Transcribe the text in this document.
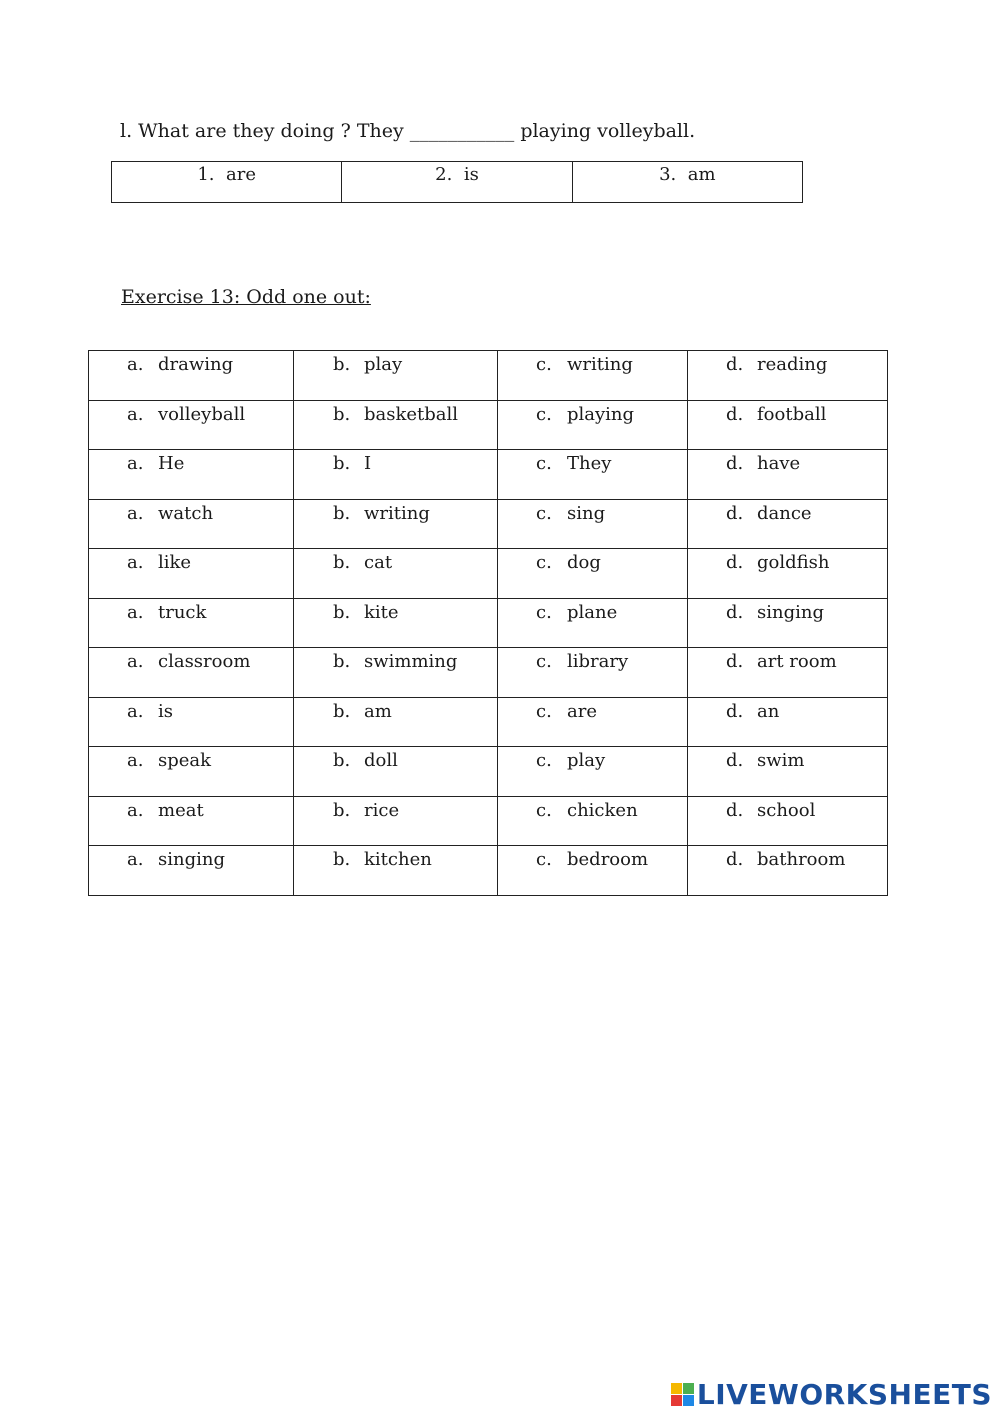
l. What are they doing ? They ___________ playing volleyball.
1. are	2. is	3. am
Exercise 13: Odd one out:
a. drawing	b. play	c. writing	d. reading

a. volleyball	b. basketball	c. playing	d. football

a. He	b. I	c. They	d. have

a. watch	b. writing	c. sing	d. dance

a. like	b. cat	c. dog	d. goldfish

a. truck	b. kite	c. plane	d. singing

a. classroom	b. swimming	c. library	d. art room

a. is	b. am	c. are	d. an

a. speak	b. doll	c. play	d. swim

a. meat	b. rice	c. chicken	d. school

a. singing	b. kitchen	c. bedroom	d. bathroom
LIVEWORKSHEETS
